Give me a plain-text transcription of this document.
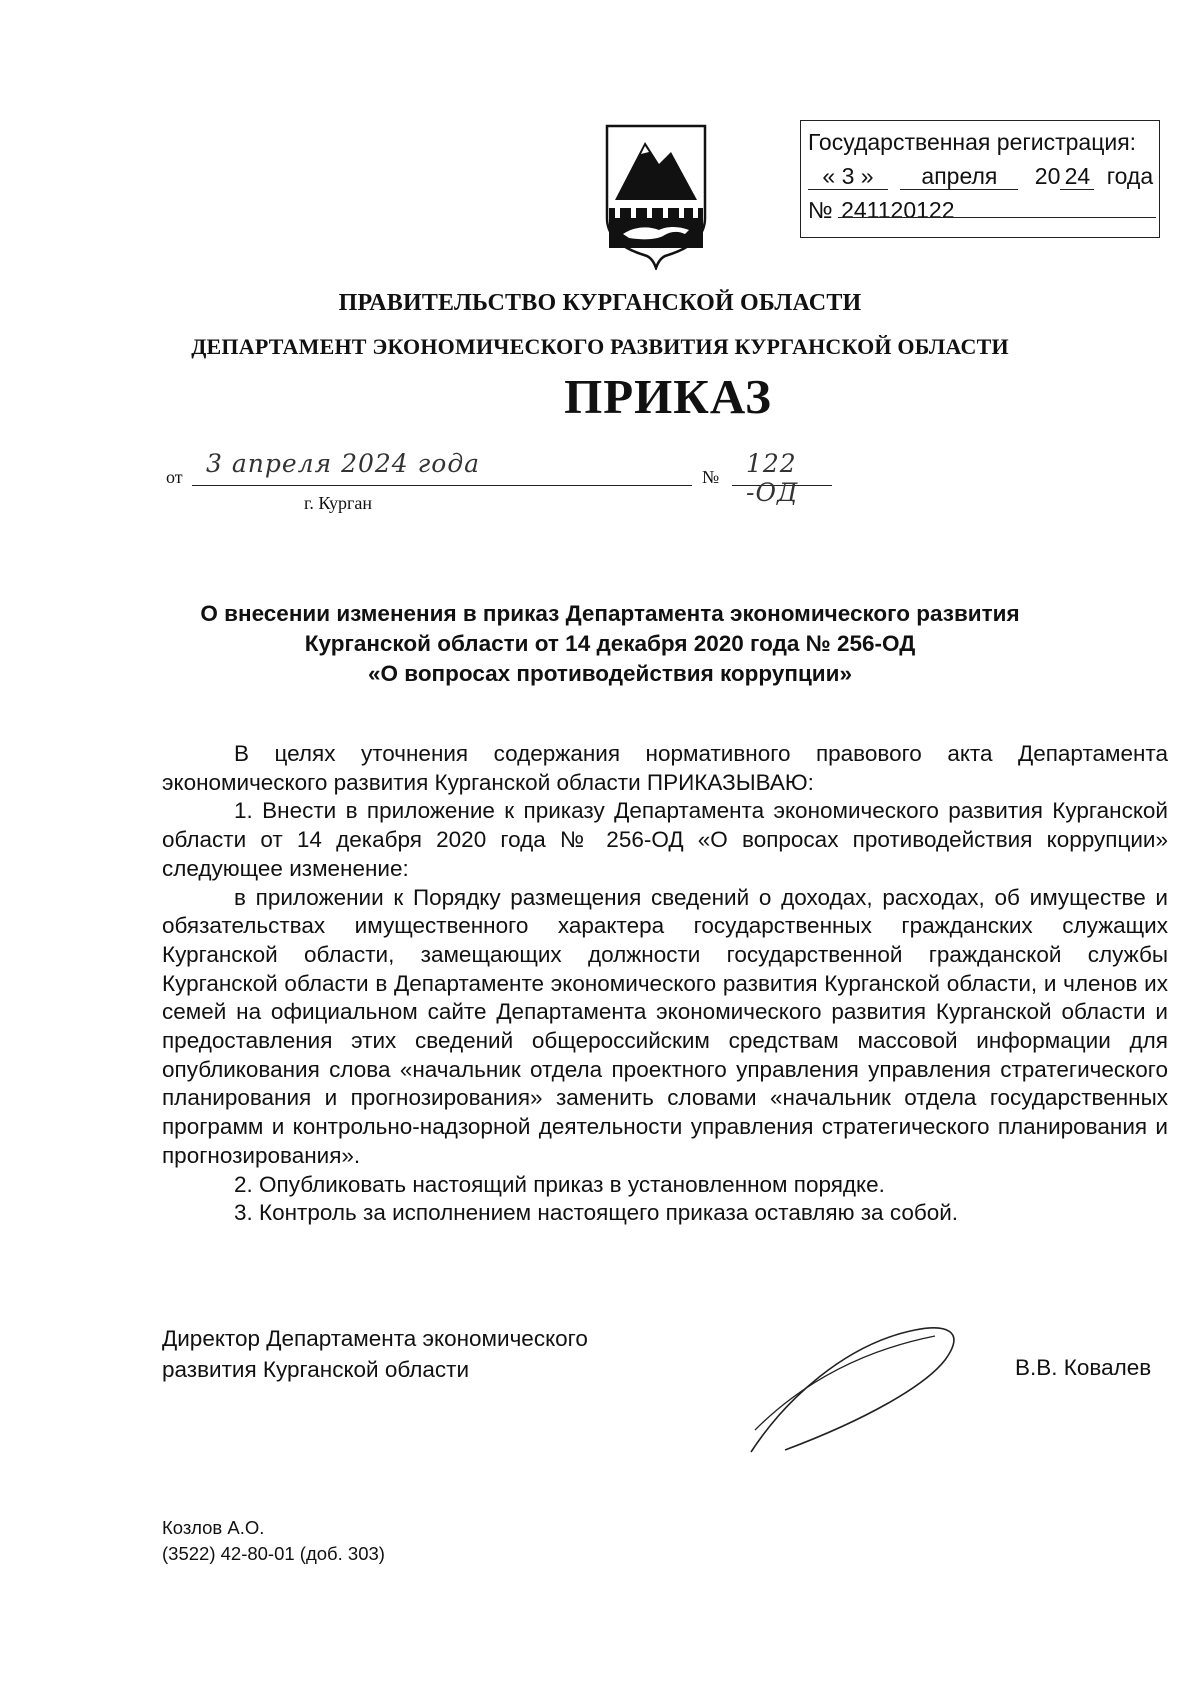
Государственная регистрация:
« 3 » апреля 20 24 года
№ 241120122
ПРАВИТЕЛЬСТВО КУРГАНСКОЙ ОБЛАСТИ
ДЕПАРТАМЕНТ ЭКОНОМИЧЕСКОГО РАЗВИТИЯ КУРГАНСКОЙ ОБЛАСТИ
ПРИКАЗ
от 3 апреля 2024 года	№ 122 -ОД
г. Курган
О внесении изменения в приказ Департамента экономического развития
Курганской области от 14 декабря 2020 года № 256-ОД
«О вопросах противодействия коррупции»

В целях уточнения содержания нормативного правового акта Департамента экономического развития Курганской области ПРИКАЗЫВАЮ:

1. Внести в приложение к приказу Департамента экономического развития Курганской области от 14 декабря 2020 года № 256-ОД «О вопросах противодействия коррупции» следующее изменение:

в приложении к Порядку размещения сведений о доходах, расходах, об имуществе и обязательствах имущественного характера государственных гражданских служащих Курганской области, замещающих должности государственной гражданской службы Курганской области в Департаменте экономического развития Курганской области, и членов их семей на официальном сайте Департамента экономического развития Курганской области и предоставления этих сведений общероссийским средствам массовой информации для опубликования слова «начальник отдела проектного управления управления стратегического планирования и прогнозирования» заменить словами «начальник отдела государственных программ и контрольно-надзорной деятельности управления стратегического планирования и прогнозирования».

2. Опубликовать настоящий приказ в установленном порядке.

3. Контроль за исполнением настоящего приказа оставляю за собой.

Директор Департамента экономического
развития Курганской области	В.В. Ковалев
Козлов А.О.
(3522) 42-80-01 (доб. 303)
